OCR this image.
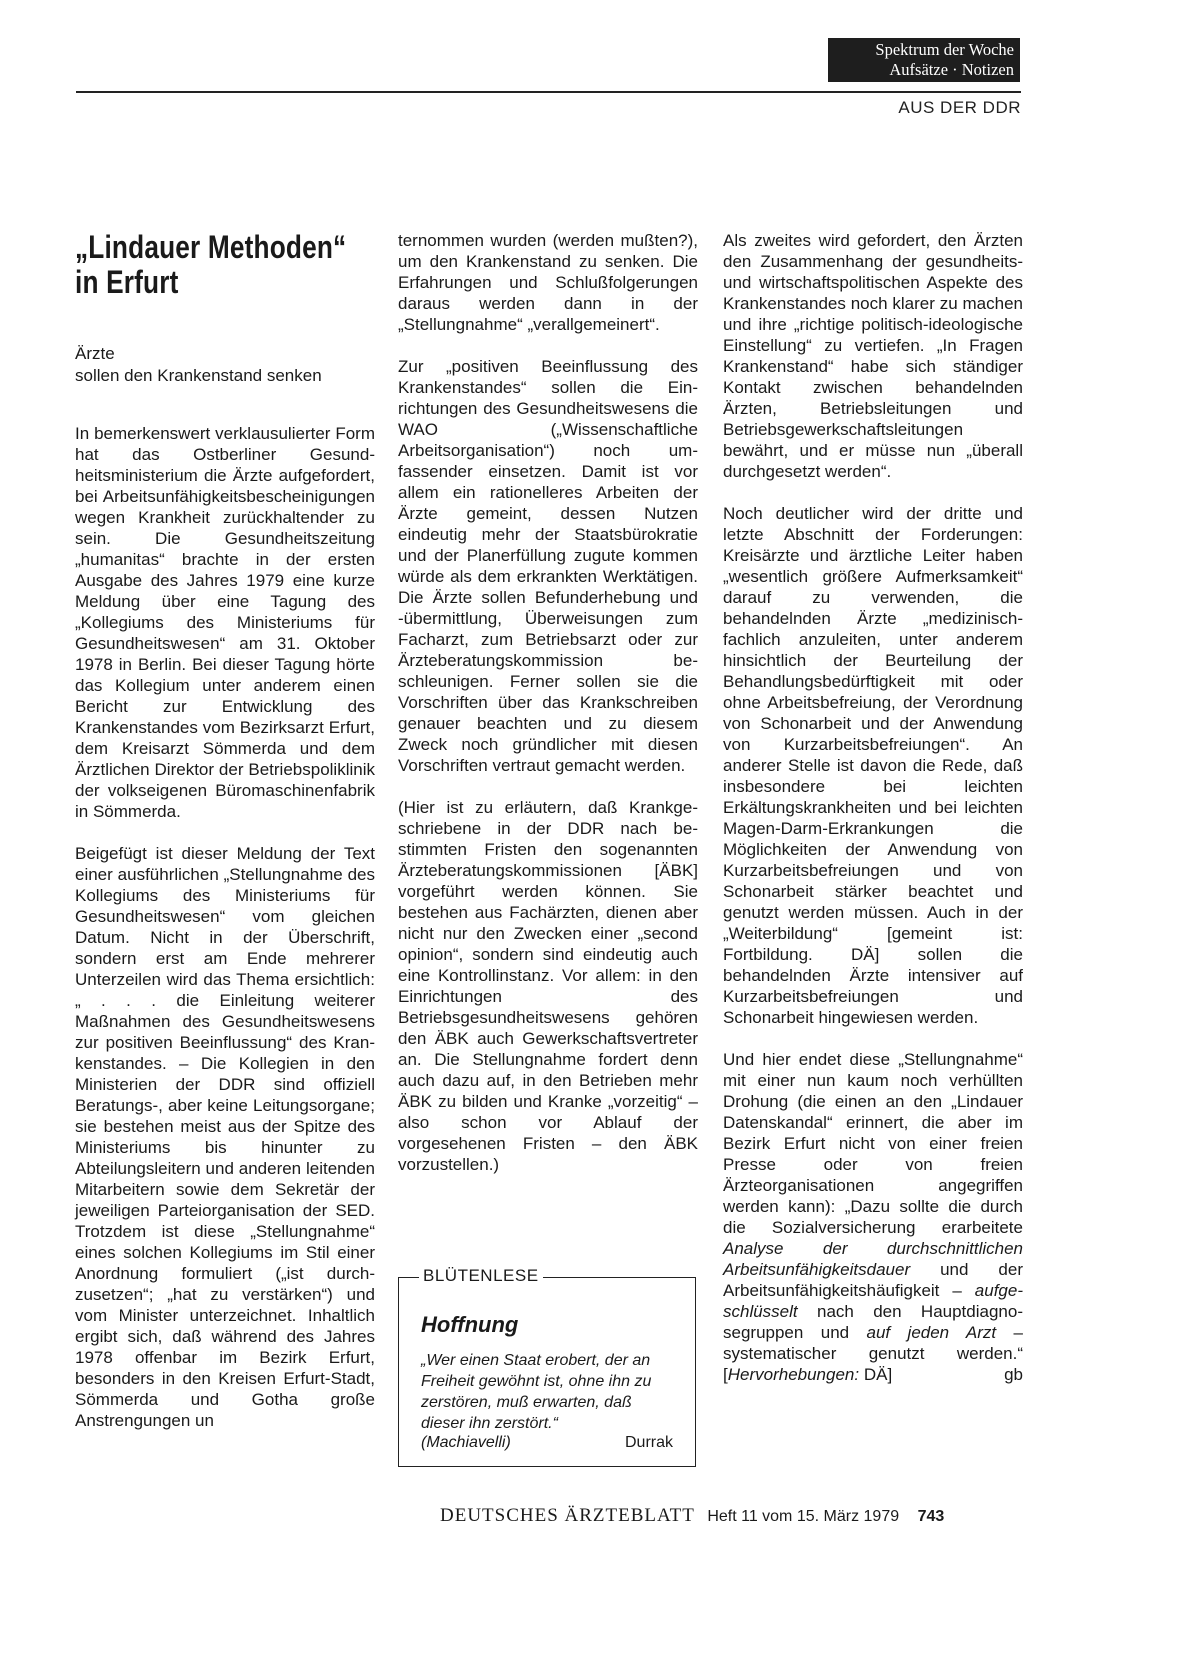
Spektrum der Woche
Aufsätze · Notizen
AUS DER DDR
„Lindauer Methoden“
in Erfurt
Ärzte
sollen den Krankenstand senken

In bemerkenswert verklausulierter Form hat das Ostberliner Gesundheitsministerium die Ärzte aufgefordert, bei Arbeitsunfähigkeitsbescheinigungen wegen Krankheit zurückhaltender zu sein. Die Gesundheitszeitung „humanitas“ brachte in der ersten Ausgabe des Jahres 1979 eine kurze Meldung über eine Tagung des „Kollegiums des Ministeriums für Gesundheitswesen“ am 31. Oktober 1978 in Berlin. Bei dieser Tagung hörte das Kollegium unter anderem einen Bericht zur Entwicklung des Krankenstandes vom Bezirksarzt Erfurt, dem Kreisarzt Sömmerda und dem Ärztlichen Direktor der Betriebspoliklinik der volkseigenen Büromaschinenfabrik in Sömmerda.

Beigefügt ist dieser Meldung der Text einer ausführlichen „Stellungnahme des Kollegiums des Ministeriums für Gesundheitswesen“ vom gleichen Datum. Nicht in der Überschrift, sondern erst am Ende mehrerer Unterzeilen wird das Thema ersichtlich: „ . . . die Einleitung weiterer Maßnahmen des Gesundheitswesens zur positiven Beeinflussung“ des Krankenstandes. – Die Kollegien in den Ministerien der DDR sind offiziell Beratungs-, aber keine Leitungsorgane; sie bestehen meist aus der Spitze des Ministeriums bis hinunter zu Abteilungsleitern und anderen leitenden Mitarbeitern sowie dem Sekretär der jeweiligen Parteiorganisation der SED. Trotzdem ist diese „Stellungnahme“ eines solchen Kollegiums im Stil einer Anordnung formuliert („ist durchzusetzen“; „hat zu verstärken“) und vom Minister unterzeichnet. Inhaltlich ergibt sich, daß während des Jahres 1978 offenbar im Bezirk Erfurt, besonders in den Kreisen Erfurt-Stadt, Sömmerda und Gotha große Anstrengungen un

ternommen wurden (werden mußten?), um den Krankenstand zu senken. Die Erfahrungen und Schlußfolgerungen daraus werden dann in der „Stellungnahme“ „verallgemeinert“.

Zur „positiven Beeinflussung des Krankenstandes“ sollen die Einrichtungen des Gesundheitswesens die WAO („Wissenschaftliche Arbeitsorganisation“) noch umfassender einsetzen. Damit ist vor allem ein rationelleres Arbeiten der Ärzte gemeint, dessen Nutzen eindeutig mehr der Staatsbürokratie und der Planerfüllung zugute kommen würde als dem erkrankten Werktätigen. Die Ärzte sollen Befunderhebung und -übermittlung, Überweisungen zum Facharzt, zum Betriebsarzt oder zur Ärzteberatungskommission beschleunigen. Ferner sollen sie die Vorschriften über das Krankschreiben genauer beachten und zu diesem Zweck noch gründlicher mit diesen Vorschriften vertraut gemacht werden.

(Hier ist zu erläutern, daß Krankgeschriebene in der DDR nach bestimmten Fristen den sogenannten Ärzteberatungskommissionen [ÄBK] vorgeführt werden können. Sie bestehen aus Fachärzten, dienen aber nicht nur den Zwecken einer „second opinion“, sondern sind eindeutig auch eine Kontrollinstanz. Vor allem: in den Einrichtungen des Betriebsgesundheitswesens gehören den ÄBK auch Gewerkschaftsvertreter an. Die Stellungnahme fordert denn auch dazu auf, in den Betrieben mehr ÄBK zu bilden und Kranke „vorzeitig“ – also schon vor Ablauf der vorgesehenen Fristen – den ÄBK vorzustellen.)

BLÜTENLESE
Hoffnung
„Wer einen Staat erobert, der an Freiheit gewöhnt ist, ohne ihn zu zerstören, muß erwarten, daß dieser ihn zerstört.“
(Machiavelli)	Durrak

Als zweites wird gefordert, den Ärzten den Zusammenhang der gesundheits- und wirtschaftspolitischen Aspekte des Krankenstandes noch klarer zu machen und ihre „richtige politisch-ideologische Einstellung“ zu vertiefen. „In Fragen Krankenstand“ habe sich ständiger Kontakt zwischen behandelnden Ärzten, Betriebsleitungen und Betriebsgewerkschaftsleitungen bewährt, und er müsse nun „überall durchgesetzt werden“.

Noch deutlicher wird der dritte und letzte Abschnitt der Forderungen: Kreisärzte und ärztliche Leiter haben „wesentlich größere Aufmerksamkeit“ darauf zu verwenden, die behandelnden Ärzte „medizinisch-fachlich anzuleiten, unter anderem hinsichtlich der Beurteilung der Behandlungsbedürftigkeit mit oder ohne Arbeitsbefreiung, der Verordnung von Schonarbeit und der Anwendung von Kurzarbeitsbefreiungen“. An anderer Stelle ist davon die Rede, daß insbesondere bei leichten Erkältungskrankheiten und bei leichten Magen-Darm-Erkrankungen die Möglichkeiten der Anwendung von Kurzarbeitsbefreiungen und von Schonarbeit stärker beachtet und genutzt werden müssen. Auch in der „Weiterbildung“ [gemeint ist: Fortbildung. DÄ] sollen die behandelnden Ärzte intensiver auf Kurzarbeitsbefreiungen und Schonarbeit hingewiesen werden.

Und hier endet diese „Stellungnahme“ mit einer nun kaum noch verhüllten Drohung (die einen an den „Lindauer Datenskandal“ erinnert, die aber im Bezirk Erfurt nicht von einer freien Presse oder von freien Ärzteorganisationen angegriffen werden kann): „Dazu sollte die durch die Sozialversicherung erarbeitete Analyse der durchschnittlichen Arbeitsunfähigkeitsdauer und der Arbeitsunfähigkeitshäufigkeit – aufgeschlüsselt nach den Hauptdiagnosegruppen und auf jeden Arzt – systematischer genutzt werden.“ [Hervorhebungen: DÄ]	gb

DEUTSCHES ÄRZTEBLATT Heft 11 vom 15. März 1979 743
